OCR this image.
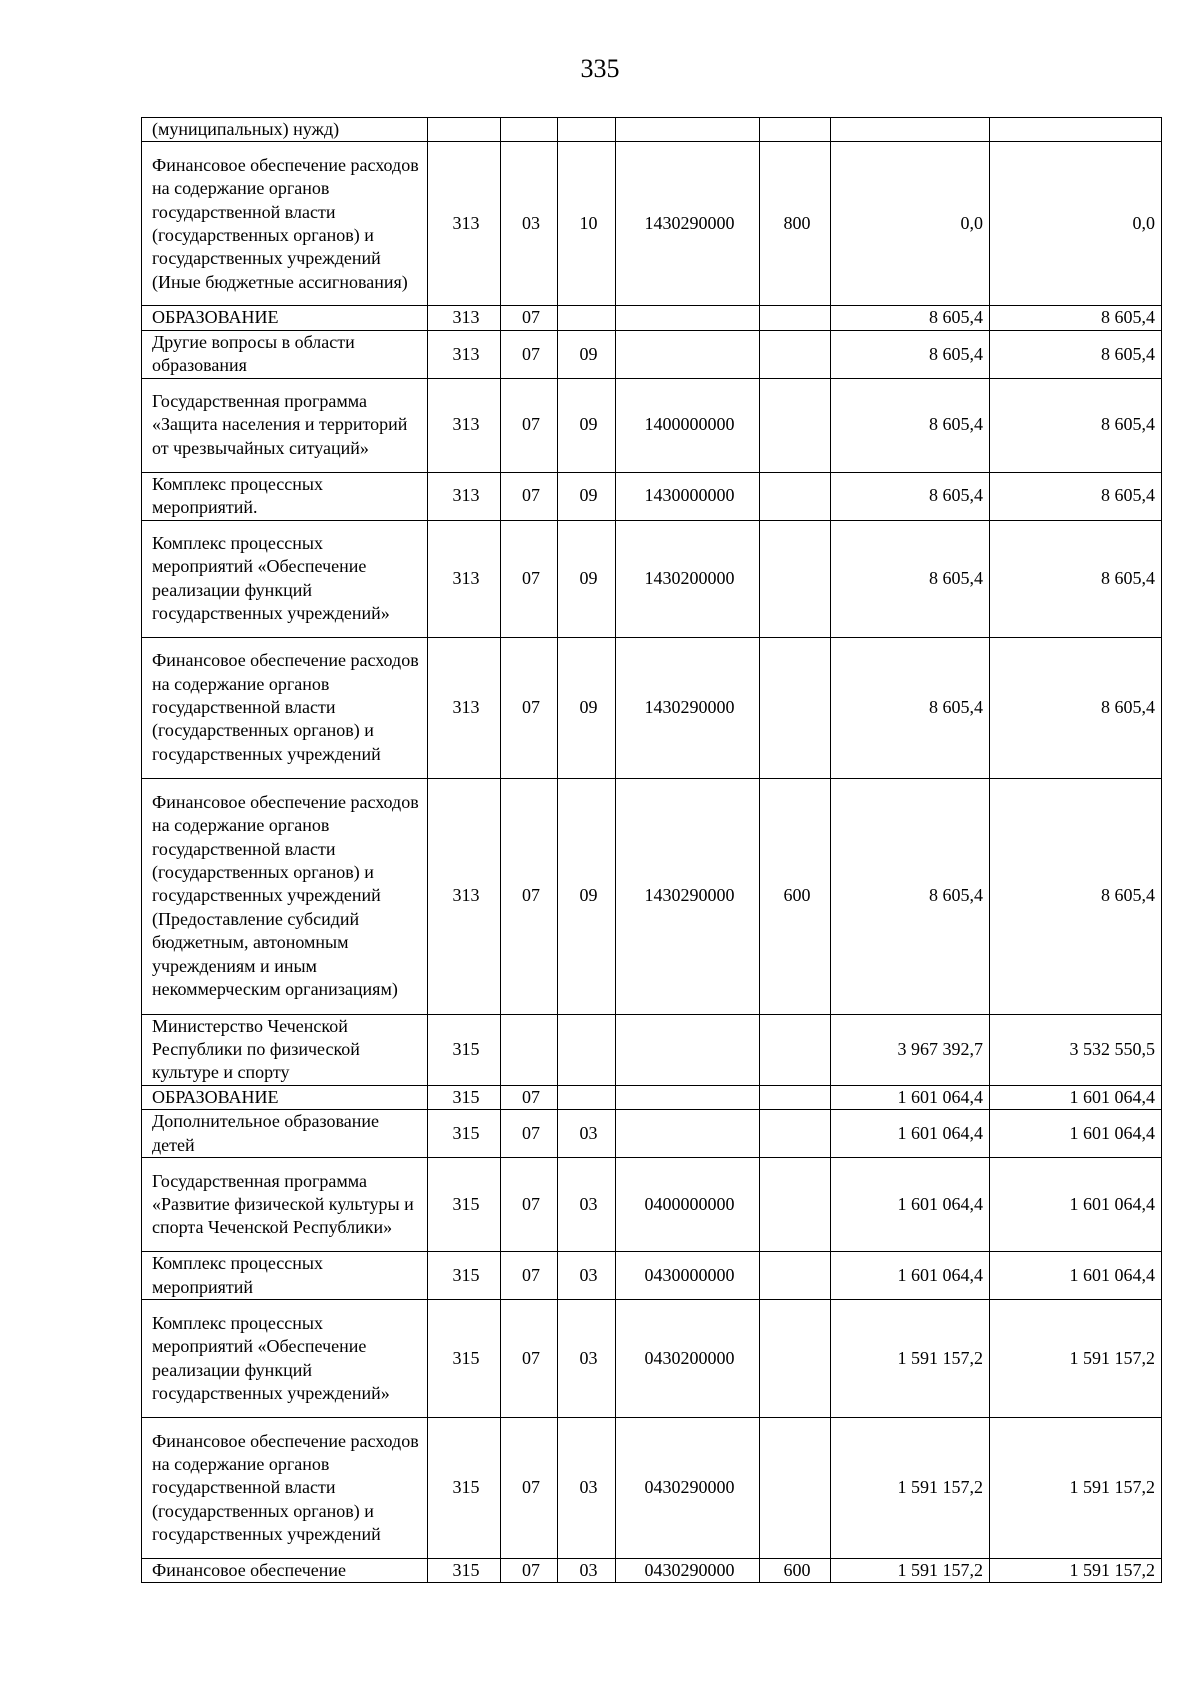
335
(муниципальных) нужд)							
Финансовое обеспечение расходов на содержание органов государственной власти (государственных органов) и государственных учреждений (Иные бюджетные ассигнования)	313	03	10	1430290000	800	0,0	0,0
ОБРАЗОВАНИЕ	313	07				8 605,4	8 605,4
Другие вопросы в области образования	313	07	09			8 605,4	8 605,4
Государственная программа «Защита населения и территорий от чрезвычайных ситуаций»	313	07	09	1400000000		8 605,4	8 605,4
Комплекс процессных мероприятий.	313	07	09	1430000000		8 605,4	8 605,4
Комплекс процессных мероприятий «Обеспечение реализации функций государственных учреждений»	313	07	09	1430200000		8 605,4	8 605,4
Финансовое обеспечение расходов на содержание органов государственной власти (государственных органов) и государственных учреждений	313	07	09	1430290000		8 605,4	8 605,4
Финансовое обеспечение расходов на содержание органов государственной власти (государственных органов) и государственных учреждений (Предоставление субсидий бюджетным, автономным учреждениям и иным некоммерческим организациям)	313	07	09	1430290000	600	8 605,4	8 605,4
Министерство Чеченской Республики по физической культуре и спорту	315					3 967 392,7	3 532 550,5
ОБРАЗОВАНИЕ	315	07				1 601 064,4	1 601 064,4
Дополнительное образование детей	315	07	03			1 601 064,4	1 601 064,4
Государственная программа «Развитие физической культуры и спорта Чеченской Республики»	315	07	03	0400000000		1 601 064,4	1 601 064,4
Комплекс процессных мероприятий	315	07	03	0430000000		1 601 064,4	1 601 064,4
Комплекс процессных мероприятий «Обеспечение реализации функций государственных учреждений»	315	07	03	0430200000		1 591 157,2	1 591 157,2
Финансовое обеспечение расходов на содержание органов государственной власти (государственных органов) и государственных учреждений	315	07	03	0430290000		1 591 157,2	1 591 157,2
Финансовое обеспечение	315	07	03	0430290000	600	1 591 157,2	1 591 157,2
